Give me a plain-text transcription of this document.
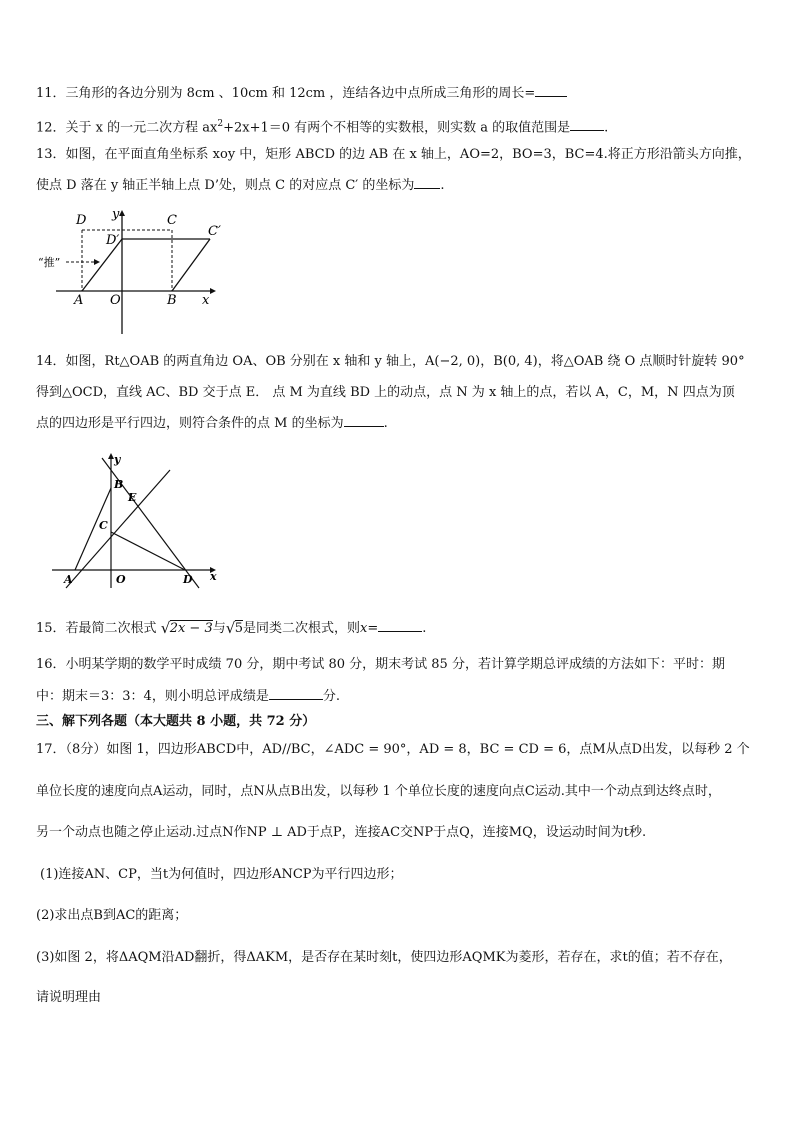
11．三角形的各边分别为 8cm 、10cm 和 12cm ，连结各边中点所成三角形的周长=
12．关于 x 的一元二次方程 $ax^2+2x+1=0$ 有两个不相等的实数根，则实数 a 的取值范围是	.
13．如图，在平面直角坐标系 xoy 中，矩形 ABCD 的边 AB 在 x 轴上，AO=2，BO=3，BC=4.将正方形沿箭头方向推，
使点 D 落在 y 轴正半轴上点 D’处，则点 C 的对应点 C′ 的坐标为 .
“推”
D	C
D′
C′
A O	B x
y
14．如图，Rt△OAB 的两直角边 OA、OB 分别在 x 轴和 y 轴上，A(−2, 0)，B(0, 4)，将△OAB 绕 O 点顺时针旋转 90°
得到△OCD，直线 AC、BD 交于点 E． 点 M 为直线 BD 上的动点，点 N 为 x 轴上的点，若以 A，C，M，N 四点为顶
点的四边形是平行四边，则符合条件的点 M 的坐标为	.
y
B
E
C
A	O	D x
15．若最简二次根式 √ 2x − 3与 √ 5是同类二次根式，则x=	.
16．小明某学期的数学平时成绩 70 分，期中考试 80 分，期末考试 85 分，若计算学期总评成绩的方法如下：平时：期
中：期末＝3：3：4，则小明总评成绩是	分.
三、解下列各题（本大题共 8 小题，共 72 分）
17．（8分）如图 1，四边形ABCD中，AD//BC，∠ADC = 90°，AD = 8，BC = CD = 6，点M从点D出发，以每秒 2 个
单位长度的速度向点A运动，同时，点N从点B出发，以每秒 1 个单位长度的速度向点C运动.其中一个动点到达终点时，
另一个动点也随之停止运动.过点N作NP ⊥ AD于点P，连接AC交NP于点Q，连接MQ，设运动时间为t秒.
(1)连接AN、CP，当t为何值时，四边形ANCP为平行四边形；
(2)求出点B到AC的距离；
(3)如图 2，将ΔAQM沿AD翻折，得ΔAKM，是否存在某时刻t，使四边形AQMK为菱形，若存在，求t的值；若不存在，
请说明理由
